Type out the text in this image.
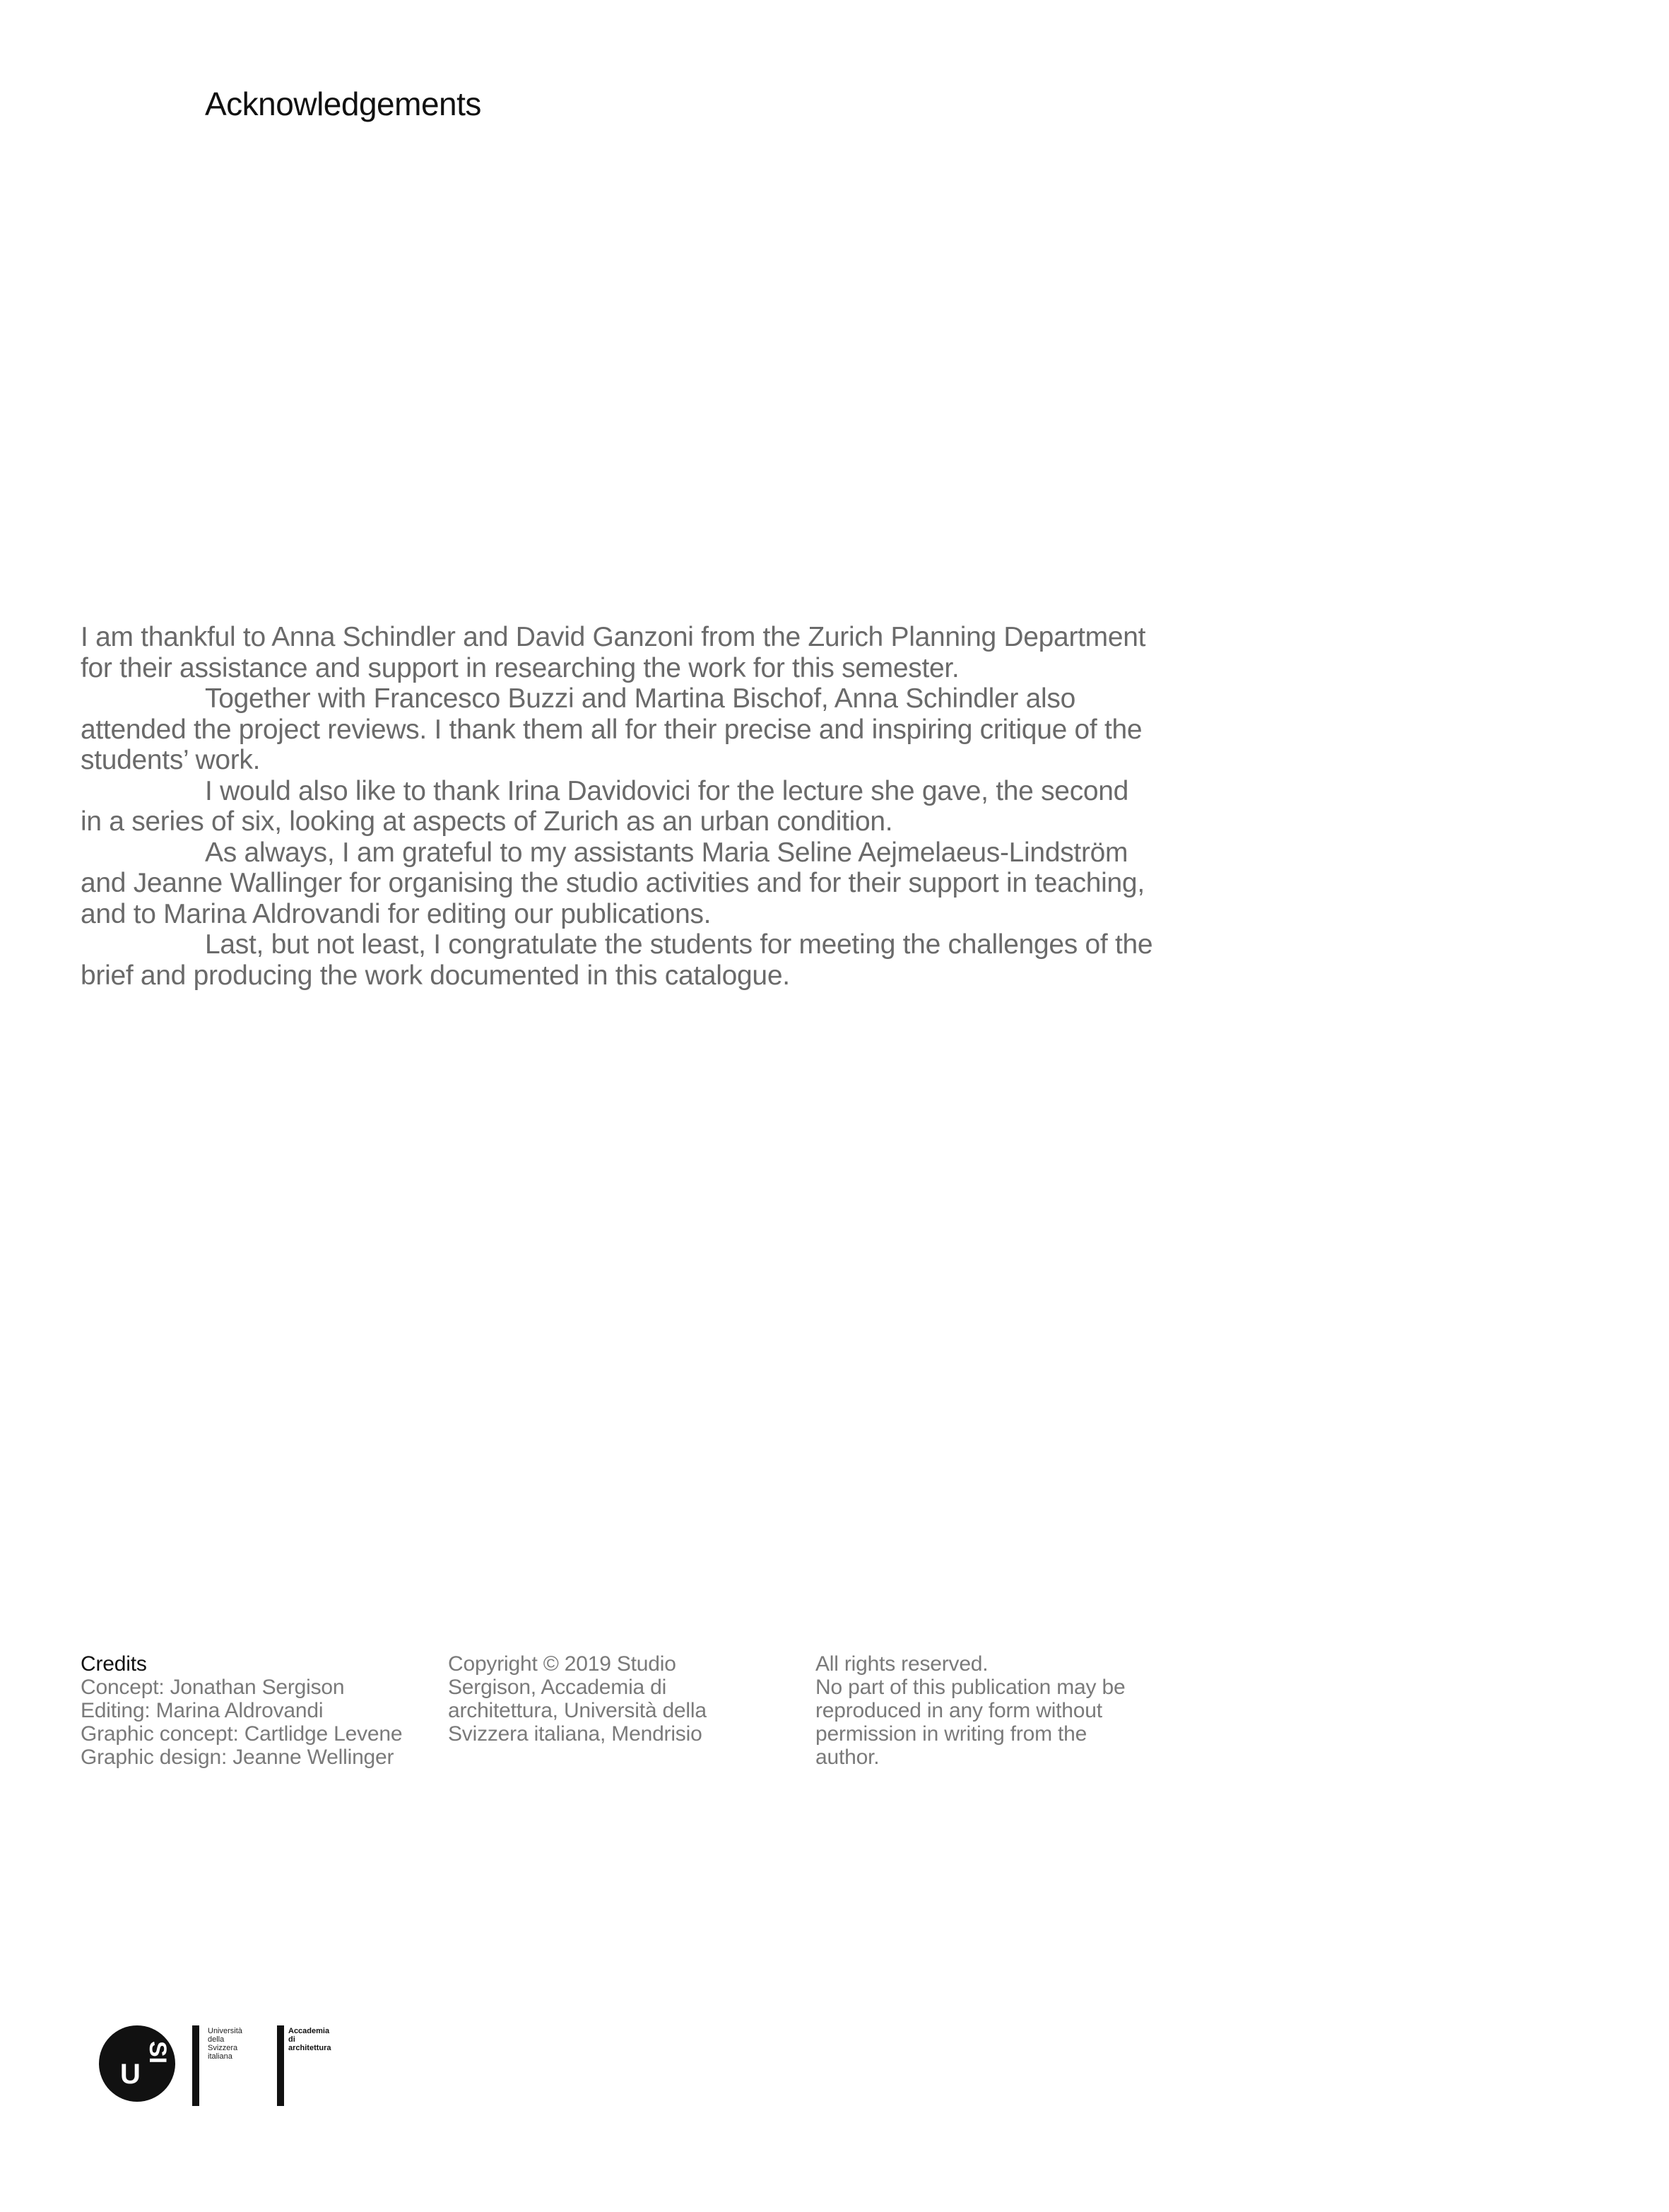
Acknowledgements

I am thankful to Anna Schindler and David Ganzoni from the Zurich Planning Department for their assistance and support in researching the work for this semester.

Together with Francesco Buzzi and Martina Bischof, Anna Schindler also attended the project reviews. I thank them all for their precise and inspiring critique of the students’ work.

I would also like to thank Irina Davidovici for the lecture she gave, the second in a series of six, looking at aspects of Zurich as an urban condition.

As always, I am grateful to my assistants Maria Seline Aejmelaeus-Lindström and Jeanne Wallinger for organising the studio activities and for their support in teaching, and to Marina Aldrovandi for editing our publications.

Last, but not least, I congratulate the students for meeting the challenges of the brief and producing the work documented in this catalogue.

Credits
Concept: Jonathan Sergison
Editing: Marina Aldrovandi
Graphic concept: Cartlidge Levene
Graphic design: Jeanne Wellinger
Copyright © 2019 Studio
Sergison, Accademia di
architettura, Università della
Svizzera italiana, Mendrisio
All rights reserved.
No part of this publication may be
reproduced in any form without
permission in writing from the
author.
U
SI
Università
della
Svizzera
italiana
Accademia
di
architettura
